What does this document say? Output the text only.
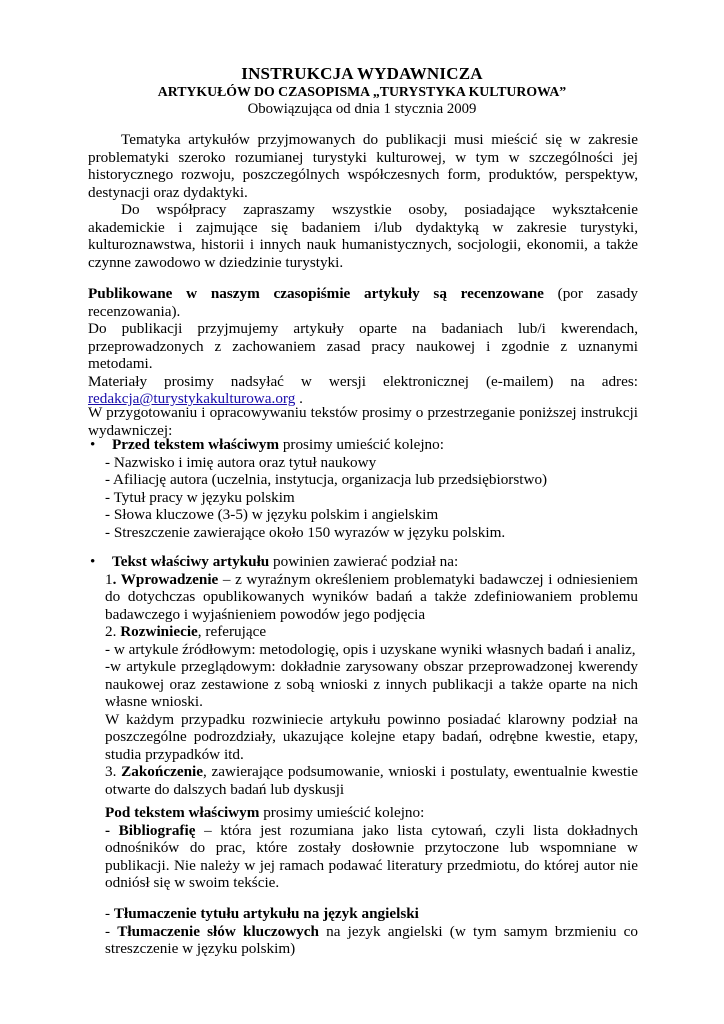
INSTRUKCJA WYDAWNICZA
ARTYKUŁÓW DO CZASOPISMA „TURYSTYKA KULTUROWA”
Obowiązująca od dnia 1 stycznia 2009
Tematyka artykułów przyjmowanych do publikacji musi mieścić się w zakresie problematyki szeroko rozumianej turystyki kulturowej, w tym w szczególności jej historycznego rozwoju, poszczególnych współczesnych form, produktów, perspektyw, destynacji oraz dydaktyki.
Do współpracy zapraszamy wszystkie osoby, posiadające wykształcenie akademickie i zajmujące się badaniem i/lub dydaktyką w zakresie turystyki, kulturoznawstwa, historii i innych nauk humanistycznych, socjologii, ekonomii, a także czynne zawodowo w dziedzinie turystyki.
Publikowane w naszym czasopiśmie artykuły są recenzowane (por zasady recenzowania).
Do publikacji przyjmujemy artykuły oparte na badaniach lub/i kwerendach, przeprowadzonych z zachowaniem zasad pracy naukowej i zgodnie z uznanymi metodami.
Materiały prosimy nadsyłać w wersji elektronicznej (e-mailem) na adres:
redakcja@turystykakulturowa.org .
W przygotowaniu i opracowywaniu tekstów prosimy o przestrzeganie poniższej instrukcji wydawniczej:
•	Przed tekstem właściwym prosimy umieścić kolejno:
- Nazwisko i imię autora oraz tytuł naukowy
- Afiliację autora (uczelnia, instytucja, organizacja lub przedsiębiorstwo)
- Tytuł pracy w języku polskim
- Słowa kluczowe (3-5) w języku polskim i angielskim
- Streszczenie zawierające około 150 wyrazów w języku polskim.
•	Tekst właściwy artykułu powinien zawierać podział na:
1. Wprowadzenie – z wyraźnym określeniem problematyki badawczej i odniesieniem do dotychczas opublikowanych wyników badań a także zdefiniowaniem problemu badawczego i wyjaśnieniem powodów jego podjęcia
2. Rozwiniecie, referujące
- w artykule źródłowym: metodologię, opis i uzyskane wyniki własnych badań i analiz,
-w artykule przeglądowym: dokładnie zarysowany obszar przeprowadzonej kwerendy naukowej oraz zestawione z sobą wnioski z innych publikacji a także oparte na nich własne wnioski.
W każdym przypadku rozwiniecie artykułu powinno posiadać klarowny podział na poszczególne podrozdziały, ukazujące kolejne etapy badań, odrębne kwestie, etapy, studia przypadków itd.
3. Zakończenie, zawierające podsumowanie, wnioski i postulaty, ewentualnie kwestie otwarte do dalszych badań lub dyskusji
Pod tekstem właściwym prosimy umieścić kolejno:
- Bibliografię – która jest rozumiana jako lista cytowań, czyli lista dokładnych odnośników do prac, które zostały dosłownie przytoczone lub wspomniane w publikacji. Nie należy w jej ramach podawać literatury przedmiotu, do której autor nie odniósł się w swoim tekście.
- Tłumaczenie tytułu artykułu na język angielski
- Tłumaczenie słów kluczowych na jezyk angielski (w tym samym brzmieniu co streszczenie w języku polskim)
